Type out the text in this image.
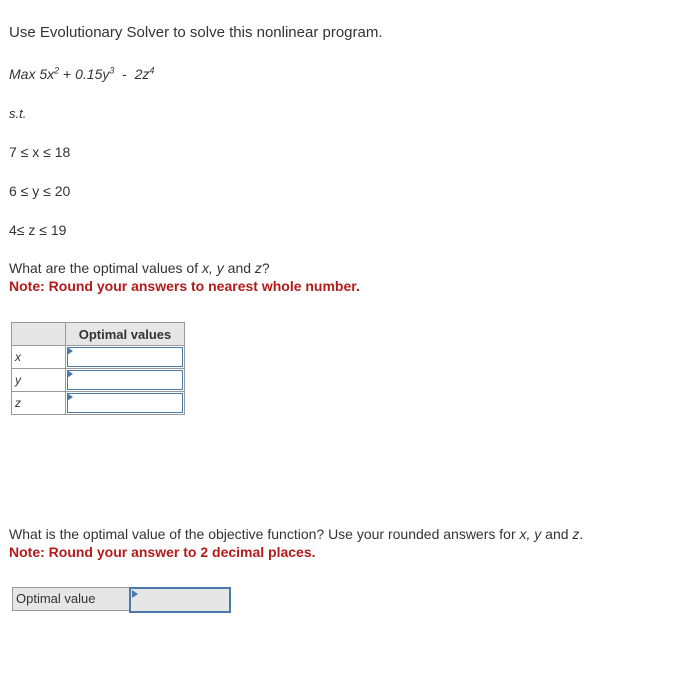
Use Evolutionary Solver to solve this nonlinear program.
Max $5x^2 + 0.15y^3 - 2z^4$
s.t.
7 ≤ x ≤ 18
6 ≤ y ≤ 20
4≤ z ≤ 19
What are the optimal values of x, y and z?
Note: Round your answers to nearest whole number.
	Optimal values
x	

y	

z	
What is the optimal value of the objective function? Use your rounded answers for x, y and z.
Note: Round your answer to 2 decimal places.
Optimal value
